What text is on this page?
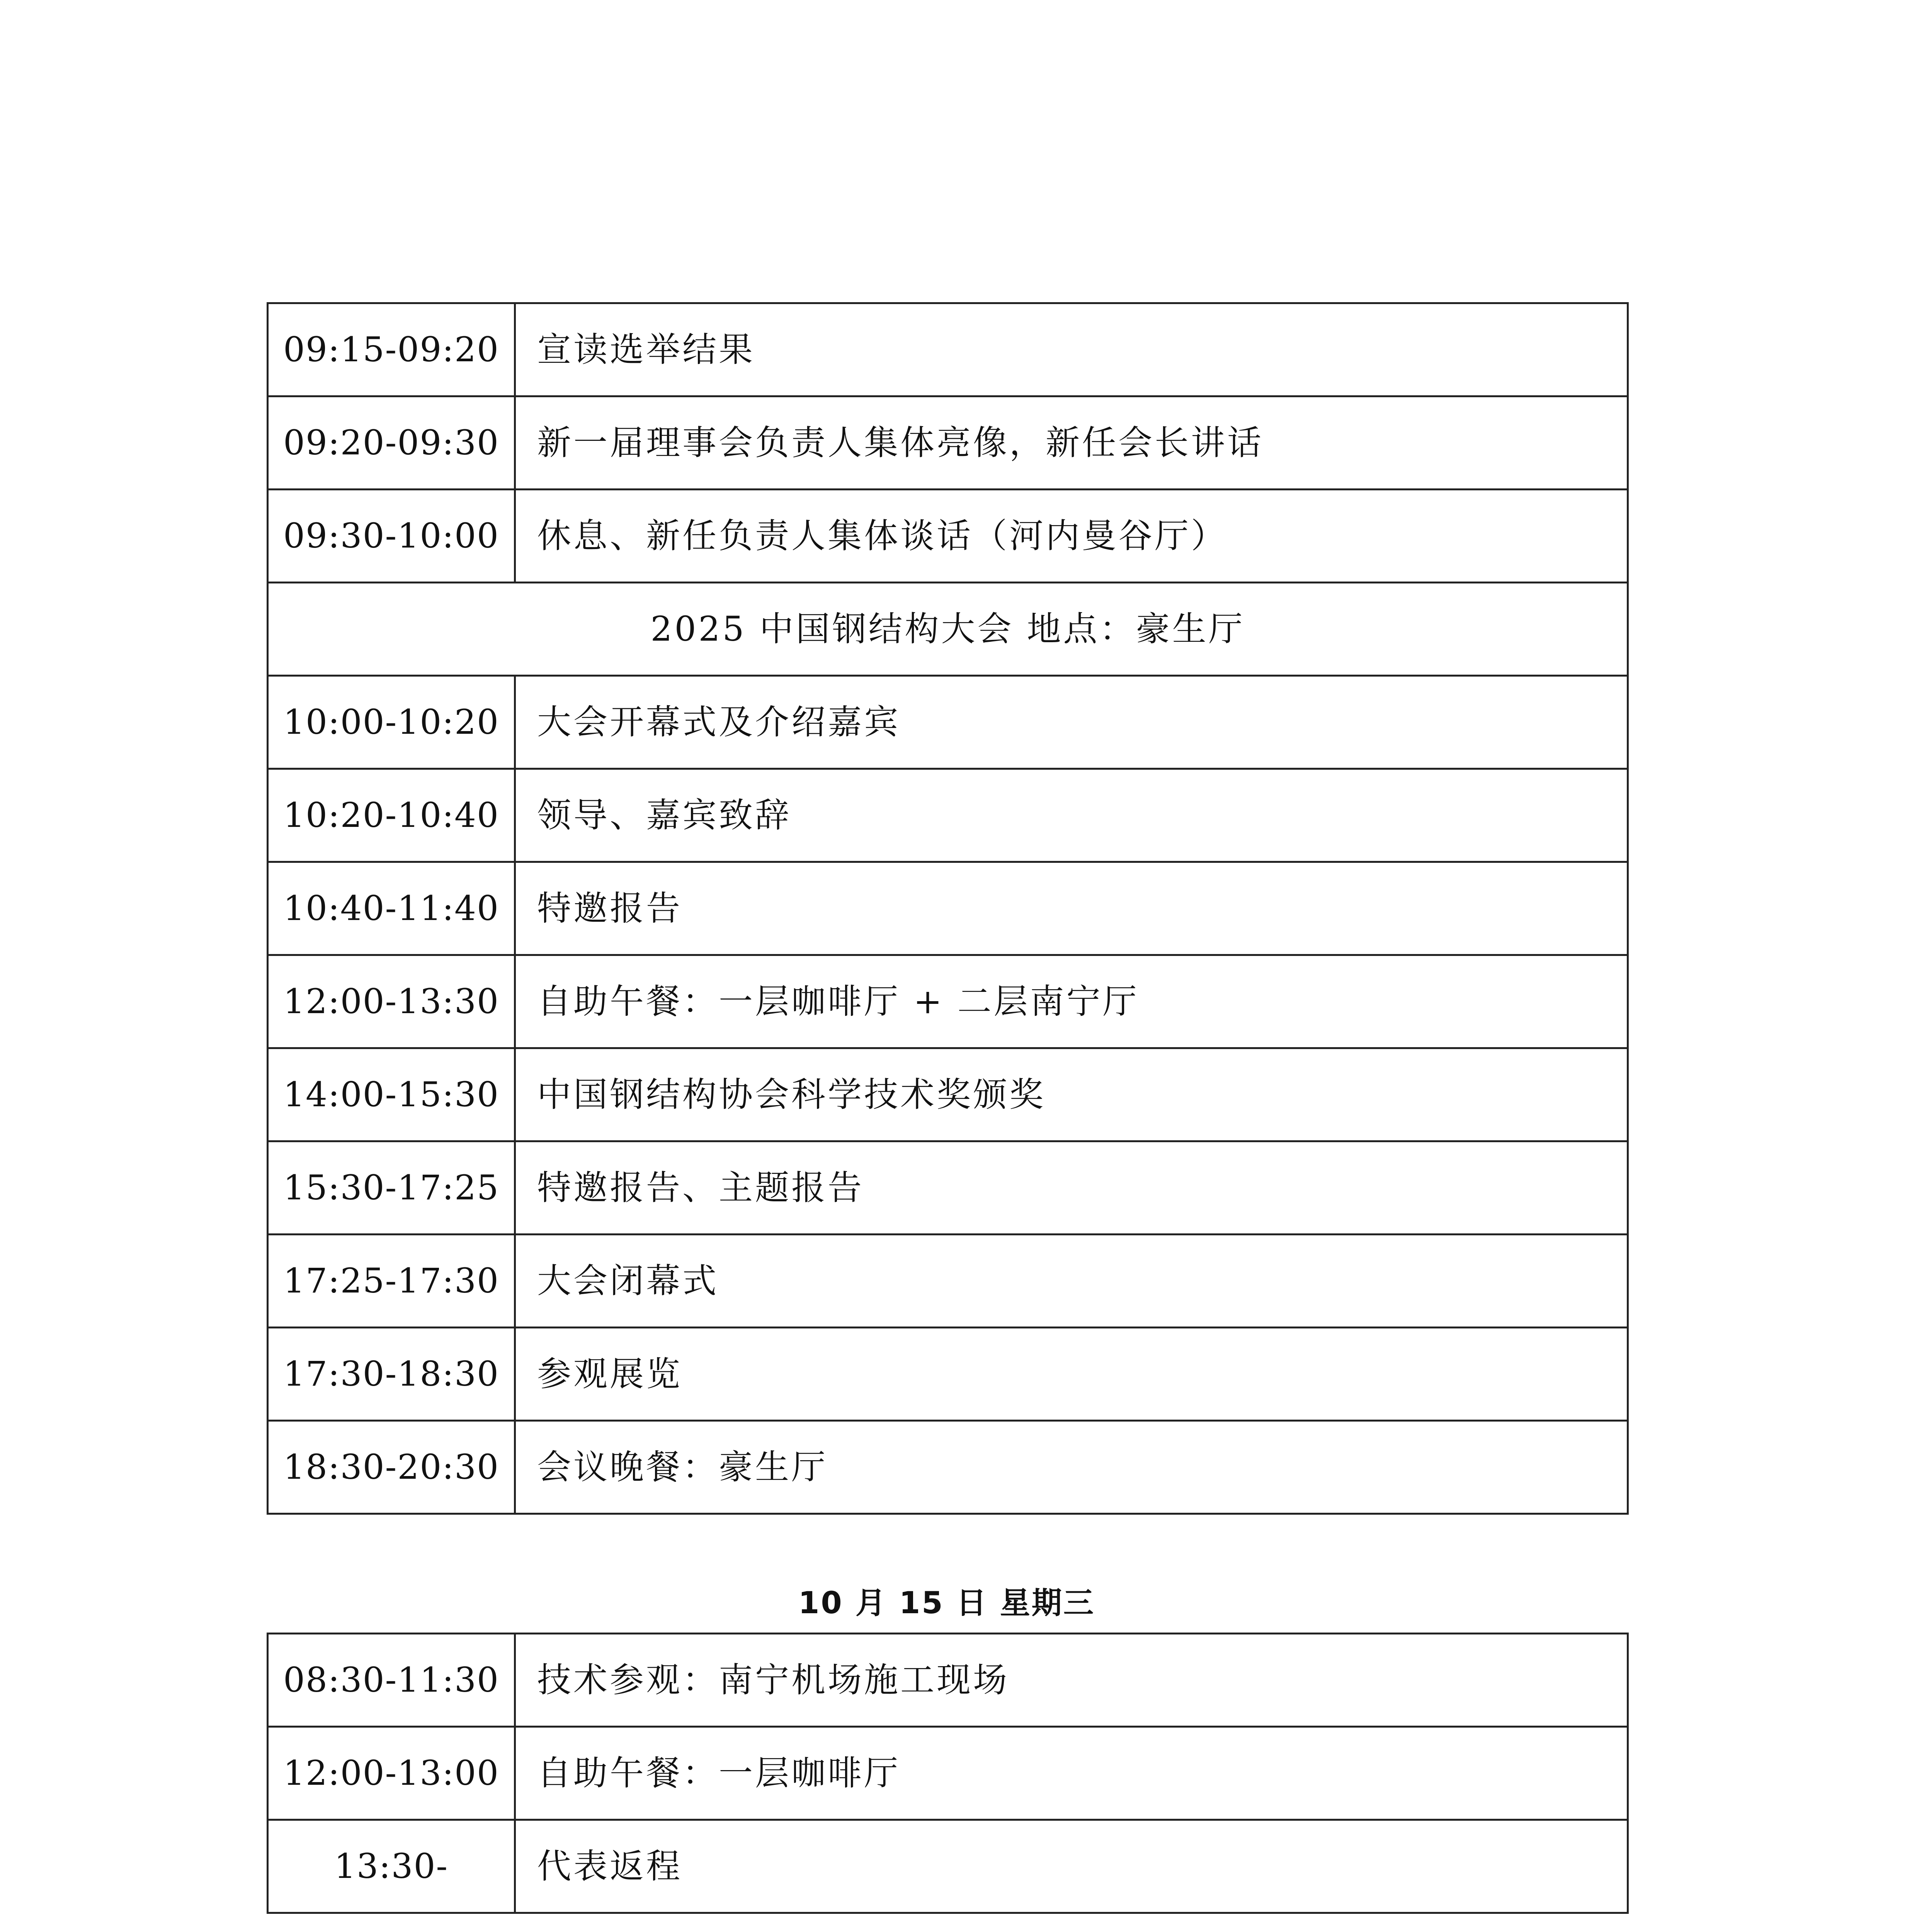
09:15-09:20	宣读选举结果
09:20-09:30	新一届理事会负责人集体亮像，新任会长讲话
09:30-10:00	休息、新任负责人集体谈话（河内曼谷厅）
2025 中国钢结构大会 地点：豪生厅	
10:00-10:20	大会开幕式及介绍嘉宾
10:20-10:40	领导、嘉宾致辞
10:40-11:40	特邀报告
12:00-13:30	自助午餐：一层咖啡厅 + 二层南宁厅
14:00-15:30	中国钢结构协会科学技术奖颁奖
15:30-17:25	特邀报告、主题报告
17:25-17:30	大会闭幕式
17:30-18:30	参观展览
18:30-20:30	会议晚餐：豪生厅
10 月 15 日 星期三
08:30-11:30	技术参观：南宁机场施工现场
12:00-13:00	自助午餐：一层咖啡厅
13:30-	代表返程
